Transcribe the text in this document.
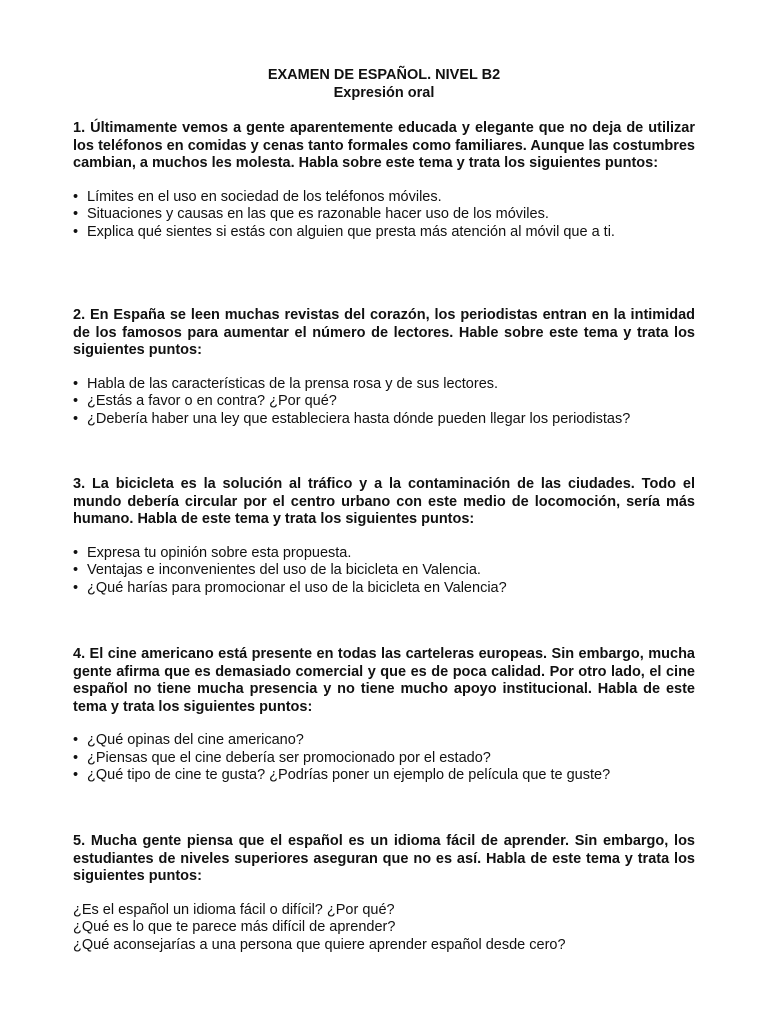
EXAMEN DE ESPAÑOL. NIVEL B2
Expresión oral

1. Últimamente vemos a gente aparentemente educada y elegante que no deja de utilizar los teléfonos en comidas y cenas tanto formales como familiares. Aunque las costumbres cambian, a muchos les molesta. Habla sobre este tema y trata los siguientes puntos:

• Límites en el uso en sociedad de los teléfonos móviles.
• Situaciones y causas en las que es razonable hacer uso de los móviles.
• Explica qué sientes si estás con alguien que presta más atención al móvil que a ti.

2. En España se leen muchas revistas del corazón, los periodistas entran en la intimidad de los famosos para aumentar el número de lectores. Hable sobre este tema y trata los siguientes puntos:

• Habla de las características de la prensa rosa y de sus lectores.
• ¿Estás a favor o en contra? ¿Por qué?
• ¿Debería haber una ley que estableciera hasta dónde pueden llegar los periodistas?

3. La bicicleta es la solución al tráfico y a la contaminación de las ciudades. Todo el mundo debería circular por el centro urbano con este medio de locomoción, sería más humano. Habla de este tema y trata los siguientes puntos:

• Expresa tu opinión sobre esta propuesta.
• Ventajas e inconvenientes del uso de la bicicleta en Valencia.
• ¿Qué harías para promocionar el uso de la bicicleta en Valencia?

4. El cine americano está presente en todas las carteleras europeas. Sin embargo, mucha gente afirma que es demasiado comercial y que es de poca calidad. Por otro lado, el cine español no tiene mucha presencia y no tiene mucho apoyo institucional. Habla de este tema y trata los siguientes puntos:

• ¿Qué opinas del cine americano?
• ¿Piensas que el cine debería ser promocionado por el estado?
• ¿Qué tipo de cine te gusta? ¿Podrías poner un ejemplo de película que te guste?

5. Mucha gente piensa que el español es un idioma fácil de aprender. Sin embargo, los estudiantes de niveles superiores aseguran que no es así. Habla de este tema y trata los siguientes puntos:

¿Es el español un idioma fácil o difícil? ¿Por qué?
¿Qué es lo que te parece más difícil de aprender?
¿Qué aconsejarías a una persona que quiere aprender español desde cero?
